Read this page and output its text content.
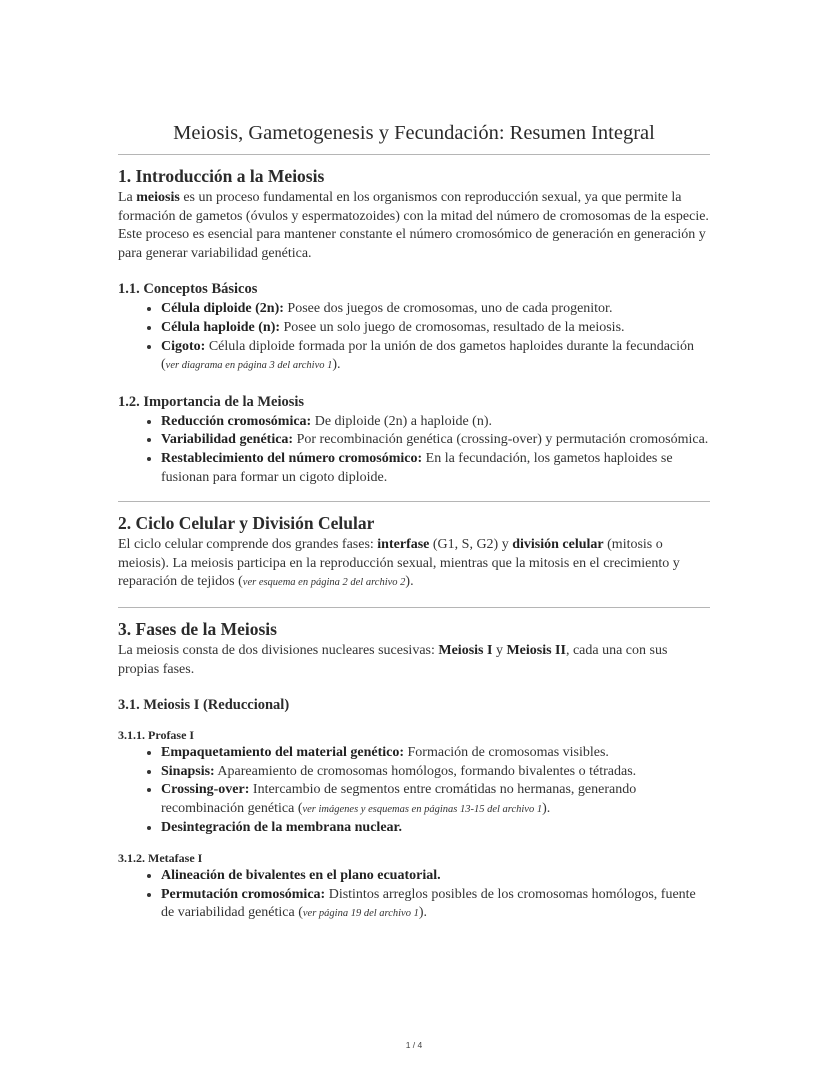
Meiosis, Gametogenesis y Fecundación: Resumen Integral
1. Introducción a la Meiosis

La meiosis es un proceso fundamental en los organismos con reproducción sexual, ya que permite la formación de gametos (óvulos y espermatozoides) con la mitad del número de cromosomas de la especie. Este proceso es esencial para mantener constante el número cromosómico de generación en generación y para generar variabilidad genética.

1.1. Conceptos Básicos
• Célula diploide (2n): Posee dos juegos de cromosomas, uno de cada progenitor.
• Célula haploide (n): Posee un solo juego de cromosomas, resultado de la meiosis.
• Cigoto: Célula diploide formada por la unión de dos gametos haploides durante la fecundación (ver diagrama en página 3 del archivo 1).
1.2. Importancia de la Meiosis
• Reducción cromosómica: De diploide (2n) a haploide (n).
• Variabilidad genética: Por recombinación genética (crossing-over) y permutación cromosómica.
• Restablecimiento del número cromosómico: En la fecundación, los gametos haploides se fusionan para formar un cigoto diploide.
2. Ciclo Celular y División Celular

El ciclo celular comprende dos grandes fases: interfase (G1, S, G2) y división celular (mitosis o meiosis). La meiosis participa en la reproducción sexual, mientras que la mitosis en el crecimiento y reparación de tejidos (ver esquema en página 2 del archivo 2).

3. Fases de la Meiosis

La meiosis consta de dos divisiones nucleares sucesivas: Meiosis I y Meiosis II, cada una con sus propias fases.

3.1. Meiosis I (Reduccional)
3.1.1. Profase I
• Empaquetamiento del material genético: Formación de cromosomas visibles.
• Sinapsis: Apareamiento de cromosomas homólogos, formando bivalentes o tétradas.
• Crossing-over: Intercambio de segmentos entre cromátidas no hermanas, generando recombinación genética (ver imágenes y esquemas en páginas 13-15 del archivo 1).
• Desintegración de la membrana nuclear.
3.1.2. Metafase I
• Alineación de bivalentes en el plano ecuatorial.
• Permutación cromosómica: Distintos arreglos posibles de los cromosomas homólogos, fuente de variabilidad genética (ver página 19 del archivo 1).
1 / 4
